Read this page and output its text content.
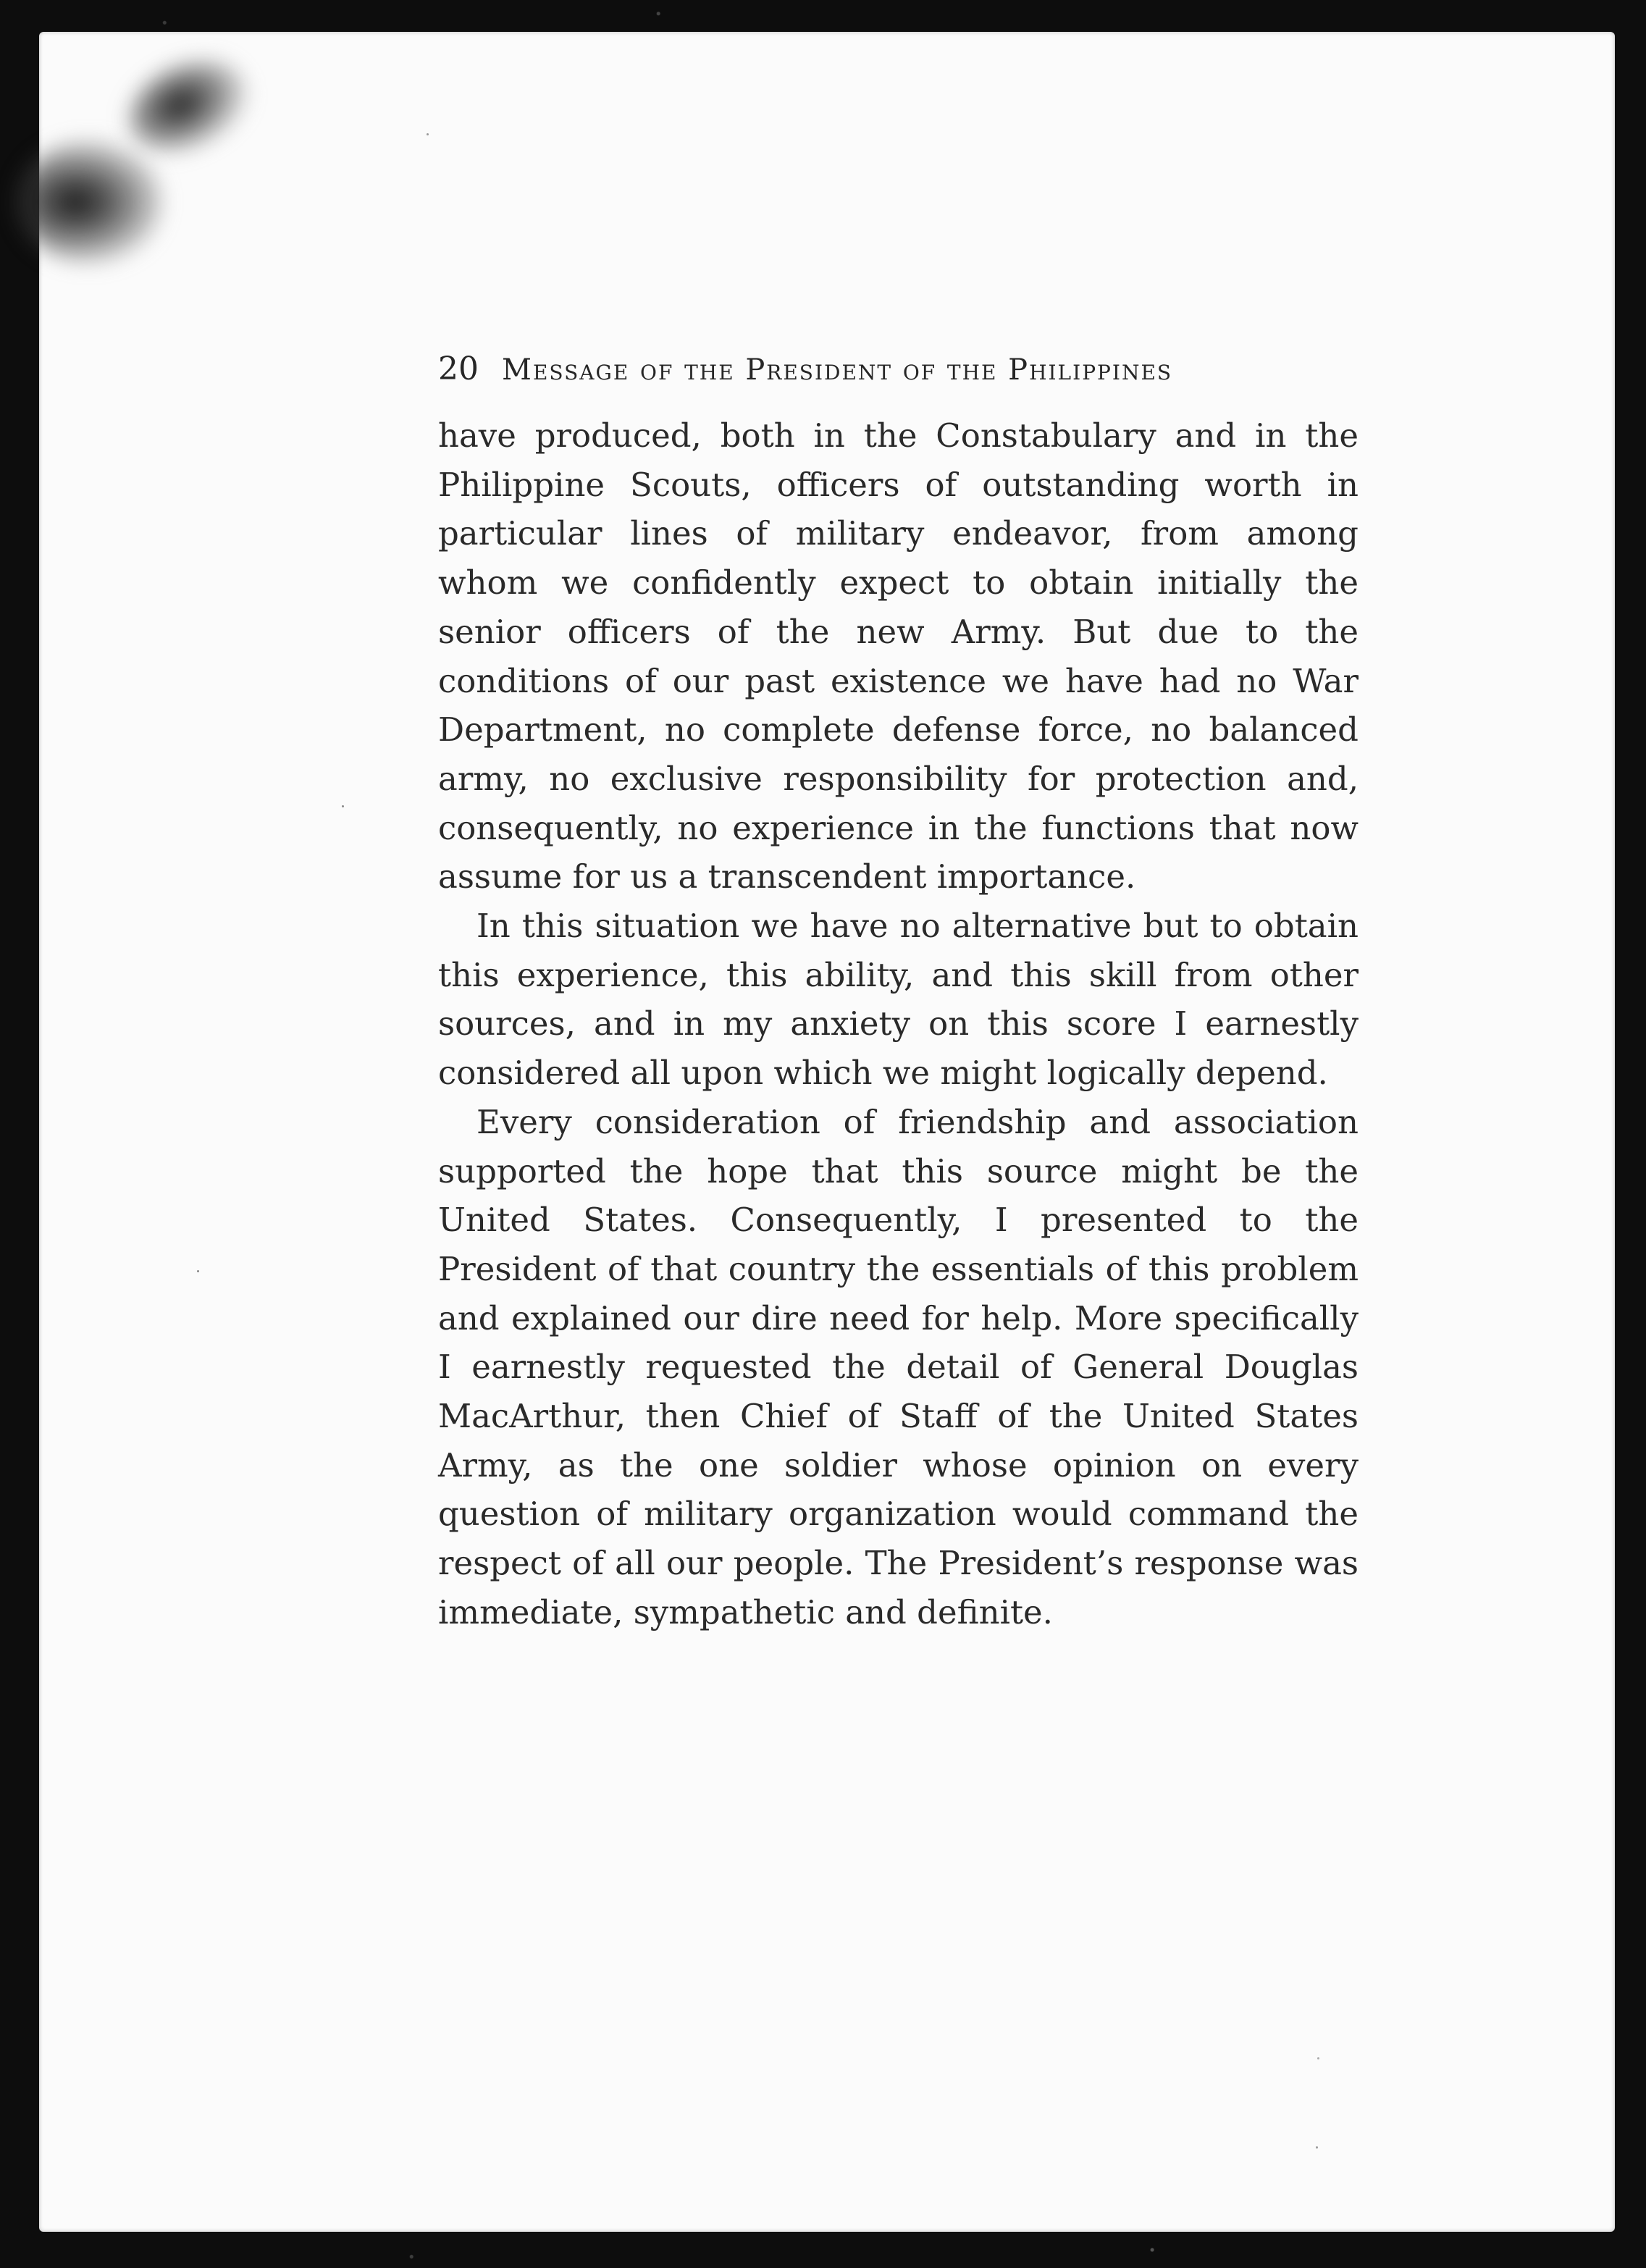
20 Message of the President of the Philippines

have produced, both in the Constabulary and in the Philippine Scouts, officers of outstanding worth in particular lines of military endeavor, from among whom we confidently expect to obtain initially the senior officers of the new Army. But due to the conditions of our past existence we have had no War Department, no complete defense force, no balanced army, no exclusive responsibility for protection and, consequently, no experience in the functions that now assume for us a transcendent importance.

In this situation we have no alternative but to obtain this experience, this ability, and this skill from other sources, and in my anxiety on this score I earnestly considered all upon which we might logically depend.

Every consideration of friendship and association supported the hope that this source might be the United States. Consequently, I presented to the President of that country the essentials of this problem and explained our dire need for help. More specifically I earnestly requested the detail of General Douglas MacArthur, then Chief of Staff of the United States Army, as the one soldier whose opinion on every question of military organization would command the respect of all our people. The President’s response was immediate, sympathetic and definite.
